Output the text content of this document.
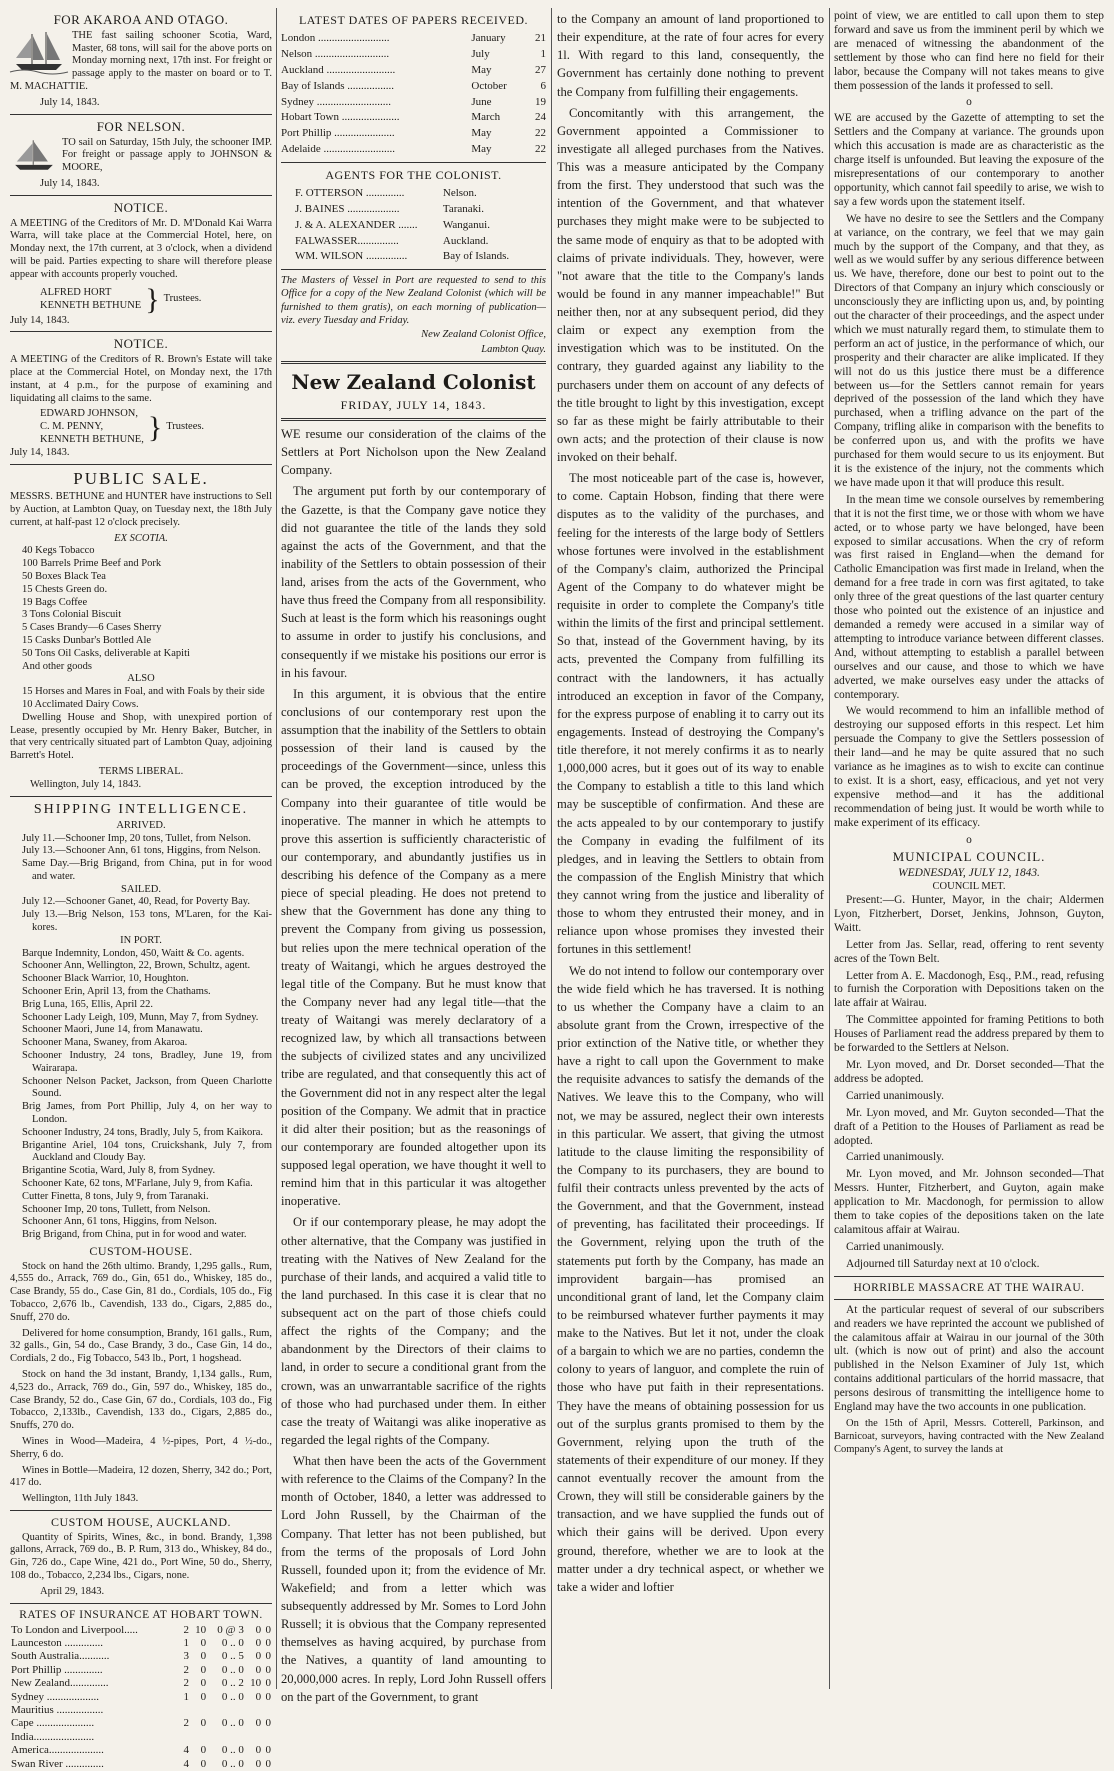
FOR AKAROA AND OTAGO.

THE fast sailing schooner Scotia, Ward, Master, 68 tons, will sail for the above ports on Monday morning next, 17th inst. For freight or passage apply to the master on board or to T. M. MACHATTIE.

July 14, 1843.
FOR NELSON.

TO sail on Saturday, 15th July, the schooner IMP. For freight or passage apply to JOHNSON & MOORE,

July 14, 1843.
NOTICE.

A MEETING of the Creditors of Mr. D. M'Donald Kai Warra Warra, will take place at the Commercial Hotel, here, on Monday next, the 17th current, at 3 o'clock, when a dividend will be paid. Parties expecting to share will therefore please appear with accounts properly vouched.

ALFRED HORT
KENNETH BETHUNE } Trustees.
July 14, 1843.
NOTICE.

A MEETING of the Creditors of R. Brown's Estate will take place at the Commercial Hotel, on Monday next, the 17th instant, at 4 p.m., for the purpose of examining and liquidating all claims to the same.

EDWARD JOHNSON,
C. M. PENNY,
KENNETH BETHUNE, } Trustees.
July 14, 1843.
PUBLIC SALE.

MESSRS. BETHUNE and HUNTER have instructions to Sell by Auction, at Lambton Quay, on Tuesday next, the 18th July current, at half-past 12 o'clock precisely.

EX SCOTIA.
40 Kegs Tobacco
100 Barrels Prime Beef and Pork
50 Boxes Black Tea
15 Chests Green do.
19 Bags Coffee
3 Tons Colonial Biscuit
5 Cases Brandy—6 Cases Sherry
15 Casks Dunbar's Bottled Ale
50 Tons Oil Casks, deliverable at Kapiti
And other goods
ALSO
15 Horses and Mares in Foal, and with Foals by their side
10 Acclimated Dairy Cows.

Dwelling House and Shop, with unexpired portion of Lease, presently occupied by Mr. Henry Baker, Butcher, in that very centrically situated part of Lambton Quay, adjoining Barrett's Hotel.

TERMS LIBERAL.
Wellington, July 14, 1843.
SHIPPING INTELLIGENCE.
ARRIVED.
July 11.—Schooner Imp, 20 tons, Tullet, from Nelson.
July 13.—Schooner Ann, 61 tons, Higgins, from Nelson.
Same Day.—Brig Brigand, from China, put in for wood and water.
SAILED.
July 12.—Schooner Ganet, 40, Read, for Poverty Bay.
July 13.—Brig Nelson, 153 tons, M'Laren, for the Kai-kores.
IN PORT.
Barque Indemnity, London, 450, Waitt & Co. agents.
Schooner Ann, Wellington, 22, Brown, Schultz, agent.
Schooner Black Warrior, 10, Houghton.
Schooner Erin, April 13, from the Chathams.
Brig Luna, 165, Ellis, April 22.
Schooner Lady Leigh, 109, Munn, May 7, from Sydney.
Schooner Maori, June 14, from Manawatu.
Schooner Mana, Swaney, from Akaroa.
Schooner Industry, 24 tons, Bradley, June 19, from Wairarapa.
Schooner Nelson Packet, Jackson, from Queen Charlotte Sound.
Brig James, from Port Phillip, July 4, on her way to London.
Schooner Industry, 24 tons, Bradly, July 5, from Kaikora.
Brigantine Ariel, 104 tons, Cruickshank, July 7, from Auckland and Cloudy Bay.
Brigantine Scotia, Ward, July 8, from Sydney.
Schooner Kate, 62 tons, M'Farlane, July 9, from Kafia.
Cutter Finetta, 8 tons, July 9, from Taranaki.
Schooner Imp, 20 tons, Tullett, from Nelson.
Schooner Ann, 61 tons, Higgins, from Nelson.
Brig Brigand, from China, put in for wood and water.
CUSTOM-HOUSE.

Stock on hand the 26th ultimo. Brandy, 1,295 galls., Rum, 4,555 do., Arrack, 769 do., Gin, 651 do., Whiskey, 185 do., Case Brandy, 55 do., Case Gin, 81 do., Cordials, 105 do., Fig Tobacco, 2,676 lb., Cavendish, 133 do., Cigars, 2,885 do., Snuff, 270 do.

Delivered for home consumption, Brandy, 161 galls., Rum, 32 galls., Gin, 54 do., Case Brandy, 3 do., Case Gin, 14 do., Cordials, 2 do., Fig Tobacco, 543 lb., Port, 1 hogshead.

Stock on hand the 3d instant, Brandy, 1,134 galls., Rum, 4,523 do., Arrack, 769 do., Gin, 597 do., Whiskey, 185 do., Case Brandy, 52 do., Case Gin, 67 do., Cordials, 103 do., Fig Tobacco, 2,133lb., Cavendish, 133 do., Cigars, 2,885 do., Snuffs, 270 do.

Wines in Wood—Madeira, 4 ½-pipes, Port, 4 ½-do., Sherry, 6 do.

Wines in Bottle—Madeira, 12 dozen, Sherry, 342 do.; Port, 417 do.

Wellington, 11th July 1843.
CUSTOM HOUSE, AUCKLAND.

Quantity of Spirits, Wines, &c., in bond. Brandy, 1,398 gallons, Arrack, 769 do., B. P. Rum, 313 do., Whiskey, 84 do., Gin, 726 do., Cape Wine, 421 do., Port Wine, 50 do., Sherry, 108 do., Tobacco, 2,234 lbs., Cigars, none.

April 29, 1843.
RATES OF INSURANCE AT HOBART TOWN.
To London and Liverpool.....	2	10	0 @ 3	0	0
Launceston ..............	1	0	0 .. 0	0	0
South Australia...........	3	0	0 .. 5	0	0
Port Phillip ..............	2	0	0 .. 0	0	0
New Zealand..............	2	0	0 .. 2	10	0
Sydney ...................	1	0	0 .. 0	0	0
Mauritius .................					
Cape .....................	2	0	0 .. 0	0	0
India......................					
America....................	4	0	0 .. 0	0	0
Swan River ..............	4	0	0 .. 0	0	0
LATEST DATES OF PAPERS RECEIVED.
London ..........................	January	21
Nelson ...........................	July	1
Auckland .........................	May	27
Bay of Islands .................	October	6
Sydney ...........................	June	19
Hobart Town .....................	March	24
Port Phillip ......................	May	22
Adelaide ..........................	May	22
AGENTS FOR THE COLONIST.
F. OTTERSON ..............	Nelson.
J. BAINES ...................	Taranaki.
J. & A. ALEXANDER .......	Wanganui.
FALWASSER...............	Auckland.
WM. WILSON ...............	Bay of Islands.
The Masters of Vessel in Port are requested to send to this Office for a copy of the New Zealand Colonist (which will be furnished to them gratis), on each morning of publication—viz. every Tuesday and Friday.
New Zealand Colonist Office,
Lambton Quay.
New Zealand Colonist
FRIDAY, JULY 14, 1843.

WE resume our consideration of the claims of the Settlers at Port Nicholson upon the New Zealand Company.

The argument put forth by our contemporary of the Gazette, is that the Company gave notice they did not guarantee the title of the lands they sold against the acts of the Government, and that the inability of the Settlers to obtain possession of their land, arises from the acts of the Government, who have thus freed the Company from all responsibility. Such at least is the form which his reasonings ought to assume in order to justify his conclusions, and consequently if we mistake his positions our error is in his favour.

In this argument, it is obvious that the entire conclusions of our contemporary rest upon the assumption that the inability of the Settlers to obtain possession of their land is caused by the proceedings of the Government—since, unless this can be proved, the exception introduced by the Company into their guarantee of title would be inoperative. The manner in which he attempts to prove this assertion is sufficiently characteristic of our contemporary, and abundantly justifies us in describing his defence of the Company as a mere piece of special pleading. He does not pretend to shew that the Government has done any thing to prevent the Company from giving us possession, but relies upon the mere technical operation of the treaty of Waitangi, which he argues destroyed the legal title of the Company. But he must know that the Company never had any legal title—that the treaty of Waitangi was merely declaratory of a recognized law, by which all transactions between the subjects of civilized states and any uncivilized tribe are regulated, and that consequently this act of the Government did not in any respect alter the legal position of the Company. We admit that in practice it did alter their position; but as the reasonings of our contemporary are founded altogether upon its supposed legal operation, we have thought it well to remind him that in this particular it was altogether inoperative.

Or if our contemporary please, he may adopt the other alternative, that the Company was justified in treating with the Natives of New Zealand for the purchase of their lands, and acquired a valid title to the land purchased. In this case it is clear that no subsequent act on the part of those chiefs could affect the rights of the Company; and the abandonment by the Directors of their claims to land, in order to secure a conditional grant from the crown, was an unwarrantable sacrifice of the rights of those who had purchased under them. In either case the treaty of Waitangi was alike inoperative as regarded the legal rights of the Company.

What then have been the acts of the Government with reference to the Claims of the Company? In the month of October, 1840, a letter was addressed to Lord John Russell, by the Chairman of the Company. That letter has not been published, but from the terms of the proposals of Lord John Russell, founded upon it; from the evidence of Mr. Wakefield; and from a letter which was subsequently addressed by Mr. Somes to Lord John Russell; it is obvious that the Company represented themselves as having acquired, by purchase from the Natives, a quantity of land amounting to 20,000,000 acres. In reply, Lord John Russell offers on the part of the Government, to grant

to the Company an amount of land proportioned to their expenditure, at the rate of four acres for every 1l. With regard to this land, consequently, the Government has certainly done nothing to prevent the Company from fulfilling their engagements.

Concomitantly with this arrangement, the Government appointed a Commissioner to investigate all alleged purchases from the Natives. This was a measure anticipated by the Company from the first. They understood that such was the intention of the Government, and that whatever purchases they might make were to be subjected to the same mode of enquiry as that to be adopted with claims of private individuals. They, however, were "not aware that the title to the Company's lands would be found in any manner impeachable!" But neither then, nor at any subsequent period, did they claim or expect any exemption from the investigation which was to be instituted. On the contrary, they guarded against any liability to the purchasers under them on account of any defects of the title brought to light by this investigation, except so far as these might be fairly attributable to their own acts; and the protection of their clause is now invoked on their behalf.

The most noticeable part of the case is, however, to come. Captain Hobson, finding that there were disputes as to the validity of the purchases, and feeling for the interests of the large body of Settlers whose fortunes were involved in the establishment of the Company's claim, authorized the Principal Agent of the Company to do whatever might be requisite in order to complete the Company's title within the limits of the first and principal settlement. So that, instead of the Government having, by its acts, prevented the Company from fulfilling its contract with the landowners, it has actually introduced an exception in favor of the Company, for the express purpose of enabling it to carry out its engagements. Instead of destroying the Company's title therefore, it not merely confirms it as to nearly 1,000,000 acres, but it goes out of its way to enable the Company to establish a title to this land which may be susceptible of confirmation. And these are the acts appealed to by our contemporary to justify the Company in evading the fulfilment of its pledges, and in leaving the Settlers to obtain from the compassion of the English Ministry that which they cannot wring from the justice and liberality of those to whom they entrusted their money, and in reliance upon whose promises they invested their fortunes in this settlement!

We do not intend to follow our contemporary over the wide field which he has traversed. It is nothing to us whether the Company have a claim to an absolute grant from the Crown, irrespective of the prior extinction of the Native title, or whether they have a right to call upon the Government to make the requisite advances to satisfy the demands of the Natives. We leave this to the Company, who will not, we may be assured, neglect their own interests in this particular. We assert, that giving the utmost latitude to the clause limiting the responsibility of the Company to its purchasers, they are bound to fulfil their contracts unless prevented by the acts of the Government, and that the Government, instead of preventing, has facilitated their proceedings. If the Government, relying upon the truth of the statements put forth by the Company, has made an improvident bargain—has promised an unconditional grant of land, let the Company claim to be reimbursed whatever further payments it may make to the Natives. But let it not, under the cloak of a bargain to which we are no parties, condemn the colony to years of languor, and complete the ruin of those who have put faith in their representations. They have the means of obtaining possession for us out of the surplus grants promised to them by the Government, relying upon the truth of the statements of their expenditure of our money. If they cannot eventually recover the amount from the Crown, they will still be considerable gainers by the transaction, and we have supplied the funds out of which their gains will be derived. Upon every ground, therefore, whether we are to look at the matter under a dry technical aspect, or whether we take a wider and loftier

point of view, we are entitled to call upon them to step forward and save us from the imminent peril by which we are menaced of witnessing the abandonment of the settlement by those who can find here no field for their labor, because the Company will not takes means to give them possession of the lands it professed to sell.

o

WE are accused by the Gazette of attempting to set the Settlers and the Company at variance. The grounds upon which this accusation is made are as characteristic as the charge itself is unfounded. But leaving the exposure of the misrepresentations of our contemporary to another opportunity, which cannot fail speedily to arise, we wish to say a few words upon the statement itself.

We have no desire to see the Settlers and the Company at variance, on the contrary, we feel that we may gain much by the support of the Company, and that they, as well as we would suffer by any serious difference between us. We have, therefore, done our best to point out to the Directors of that Company an injury which consciously or unconsciously they are inflicting upon us, and, by pointing out the character of their proceedings, and the aspect under which we must naturally regard them, to stimulate them to perform an act of justice, in the performance of which, our prosperity and their character are alike implicated. If they will not do us this justice there must be a difference between us—for the Settlers cannot remain for years deprived of the possession of the land which they have purchased, when a trifling advance on the part of the Company, trifling alike in comparison with the benefits to be conferred upon us, and with the profits we have purchased for them would secure to us its enjoyment. But it is the existence of the injury, not the comments which we have made upon it that will produce this result.

In the mean time we console ourselves by remembering that it is not the first time, we or those with whom we have acted, or to whose party we have belonged, have been exposed to similar accusations. When the cry of reform was first raised in England—when the demand for Catholic Emancipation was first made in Ireland, when the demand for a free trade in corn was first agitated, to take only three of the great questions of the last quarter century those who pointed out the existence of an injustice and demanded a remedy were accused in a similar way of attempting to introduce variance between different classes. And, without attempting to establish a parallel between ourselves and our cause, and those to which we have adverted, we make ourselves easy under the attacks of contemporary.

We would recommend to him an infallible method of destroying our supposed efforts in this respect. Let him persuade the Company to give the Settlers possession of their land—and he may be quite assured that no such variance as he imagines as to wish to excite can continue to exist. It is a short, easy, efficacious, and yet not very expensive method—and it has the additional recommendation of being just. It would be worth while to make experiment of its efficacy.

o
MUNICIPAL COUNCIL.
WEDNESDAY, JULY 12, 1843.
COUNCIL MET.

Present:—G. Hunter, Mayor, in the chair; Aldermen Lyon, Fitzherbert, Dorset, Jenkins, Johnson, Guyton, Waitt.

Letter from Jas. Sellar, read, offering to rent seventy acres of the Town Belt.

Letter from A. E. Macdonogh, Esq., P.M., read, refusing to furnish the Corporation with Depositions taken on the late affair at Wairau.

The Committee appointed for framing Petitions to both Houses of Parliament read the address prepared by them to be forwarded to the Settlers at Nelson.

Mr. Lyon moved, and Dr. Dorset seconded—That the address be adopted.

Carried unanimously.

Mr. Lyon moved, and Mr. Guyton seconded—That the draft of a Petition to the Houses of Parliament as read be adopted.

Carried unanimously.

Mr. Lyon moved, and Mr. Johnson seconded—That Messrs. Hunter, Fitzherbert, and Guyton, again make application to Mr. Macdonogh, for permission to allow them to take copies of the depositions taken on the late calamitous affair at Wairau.

Carried unanimously.

Adjourned till Saturday next at 10 o'clock.

HORRIBLE MASSACRE AT THE WAIRAU.

At the particular request of several of our subscribers and readers we have reprinted the account we published of the calamitous affair at Wairau in our journal of the 30th ult. (which is now out of print) and also the account published in the Nelson Examiner of July 1st, which contains additional particulars of the horrid massacre, that persons desirous of transmitting the intelligence home to England may have the two accounts in one publication.

On the 15th of April, Messrs. Cotterell, Parkinson, and Barnicoat, surveyors, having contracted with the New Zealand Company's Agent, to survey the lands at
